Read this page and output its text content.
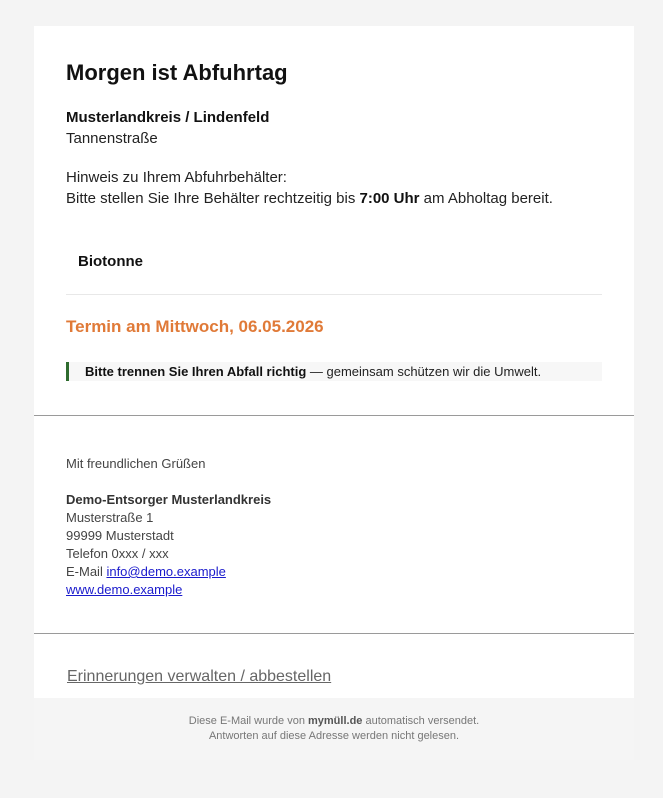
Morgen ist Abfuhrtag
Musterlandkreis / Lindenfeld
Tannenstraße
Hinweis zu Ihrem Abfuhrbehälter:
Bitte stellen Sie Ihre Behälter rechtzeitig bis 7:00 Uhr am Abholtag bereit.
Biotonne
Termin am Mittwoch, 06.05.2026
Bitte trennen Sie Ihren Abfall richtig — gemeinsam schützen wir die Umwelt.
Mit freundlichen Grüßen
Demo-Entsorger Musterlandkreis
Musterstraße 1
99999 Musterstadt
Telefon 0xxx / xxx
E-Mail info@demo.example
www.demo.example
Erinnerungen verwalten / abbestellen
Diese E-Mail wurde von mymüll.de automatisch versendet.
Antworten auf diese Adresse werden nicht gelesen.
